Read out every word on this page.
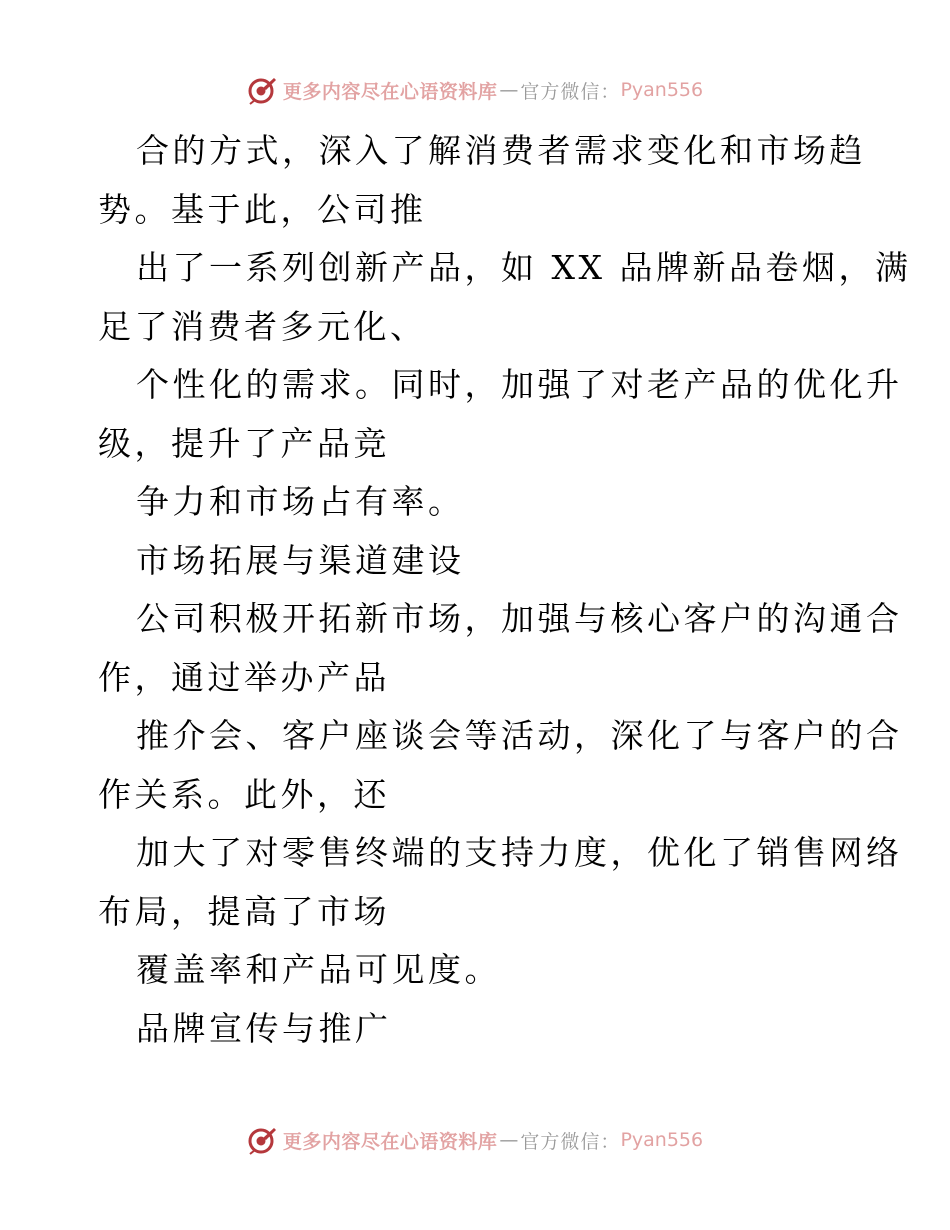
更多内容尽在心语资料库 — 官方微信： Pyan556

合的方式，深入了解消费者需求变化和市场趋
势。基于此，公司推

出了一系列创新产品，如 XX 品牌新品卷烟，满
足了消费者多元化、

个性化的需求。同时，加强了对老产品的优化升
级，提升了产品竞

争力和市场占有率。

市场拓展与渠道建设

公司积极开拓新市场，加强与核心客户的沟通合
作，通过举办产品

推介会、客户座谈会等活动，深化了与客户的合
作关系。此外，还

加大了对零售终端的支持力度，优化了销售网络
布局，提高了市场

覆盖率和产品可见度。

品牌宣传与推广

更多内容尽在心语资料库 — 官方微信： Pyan556
